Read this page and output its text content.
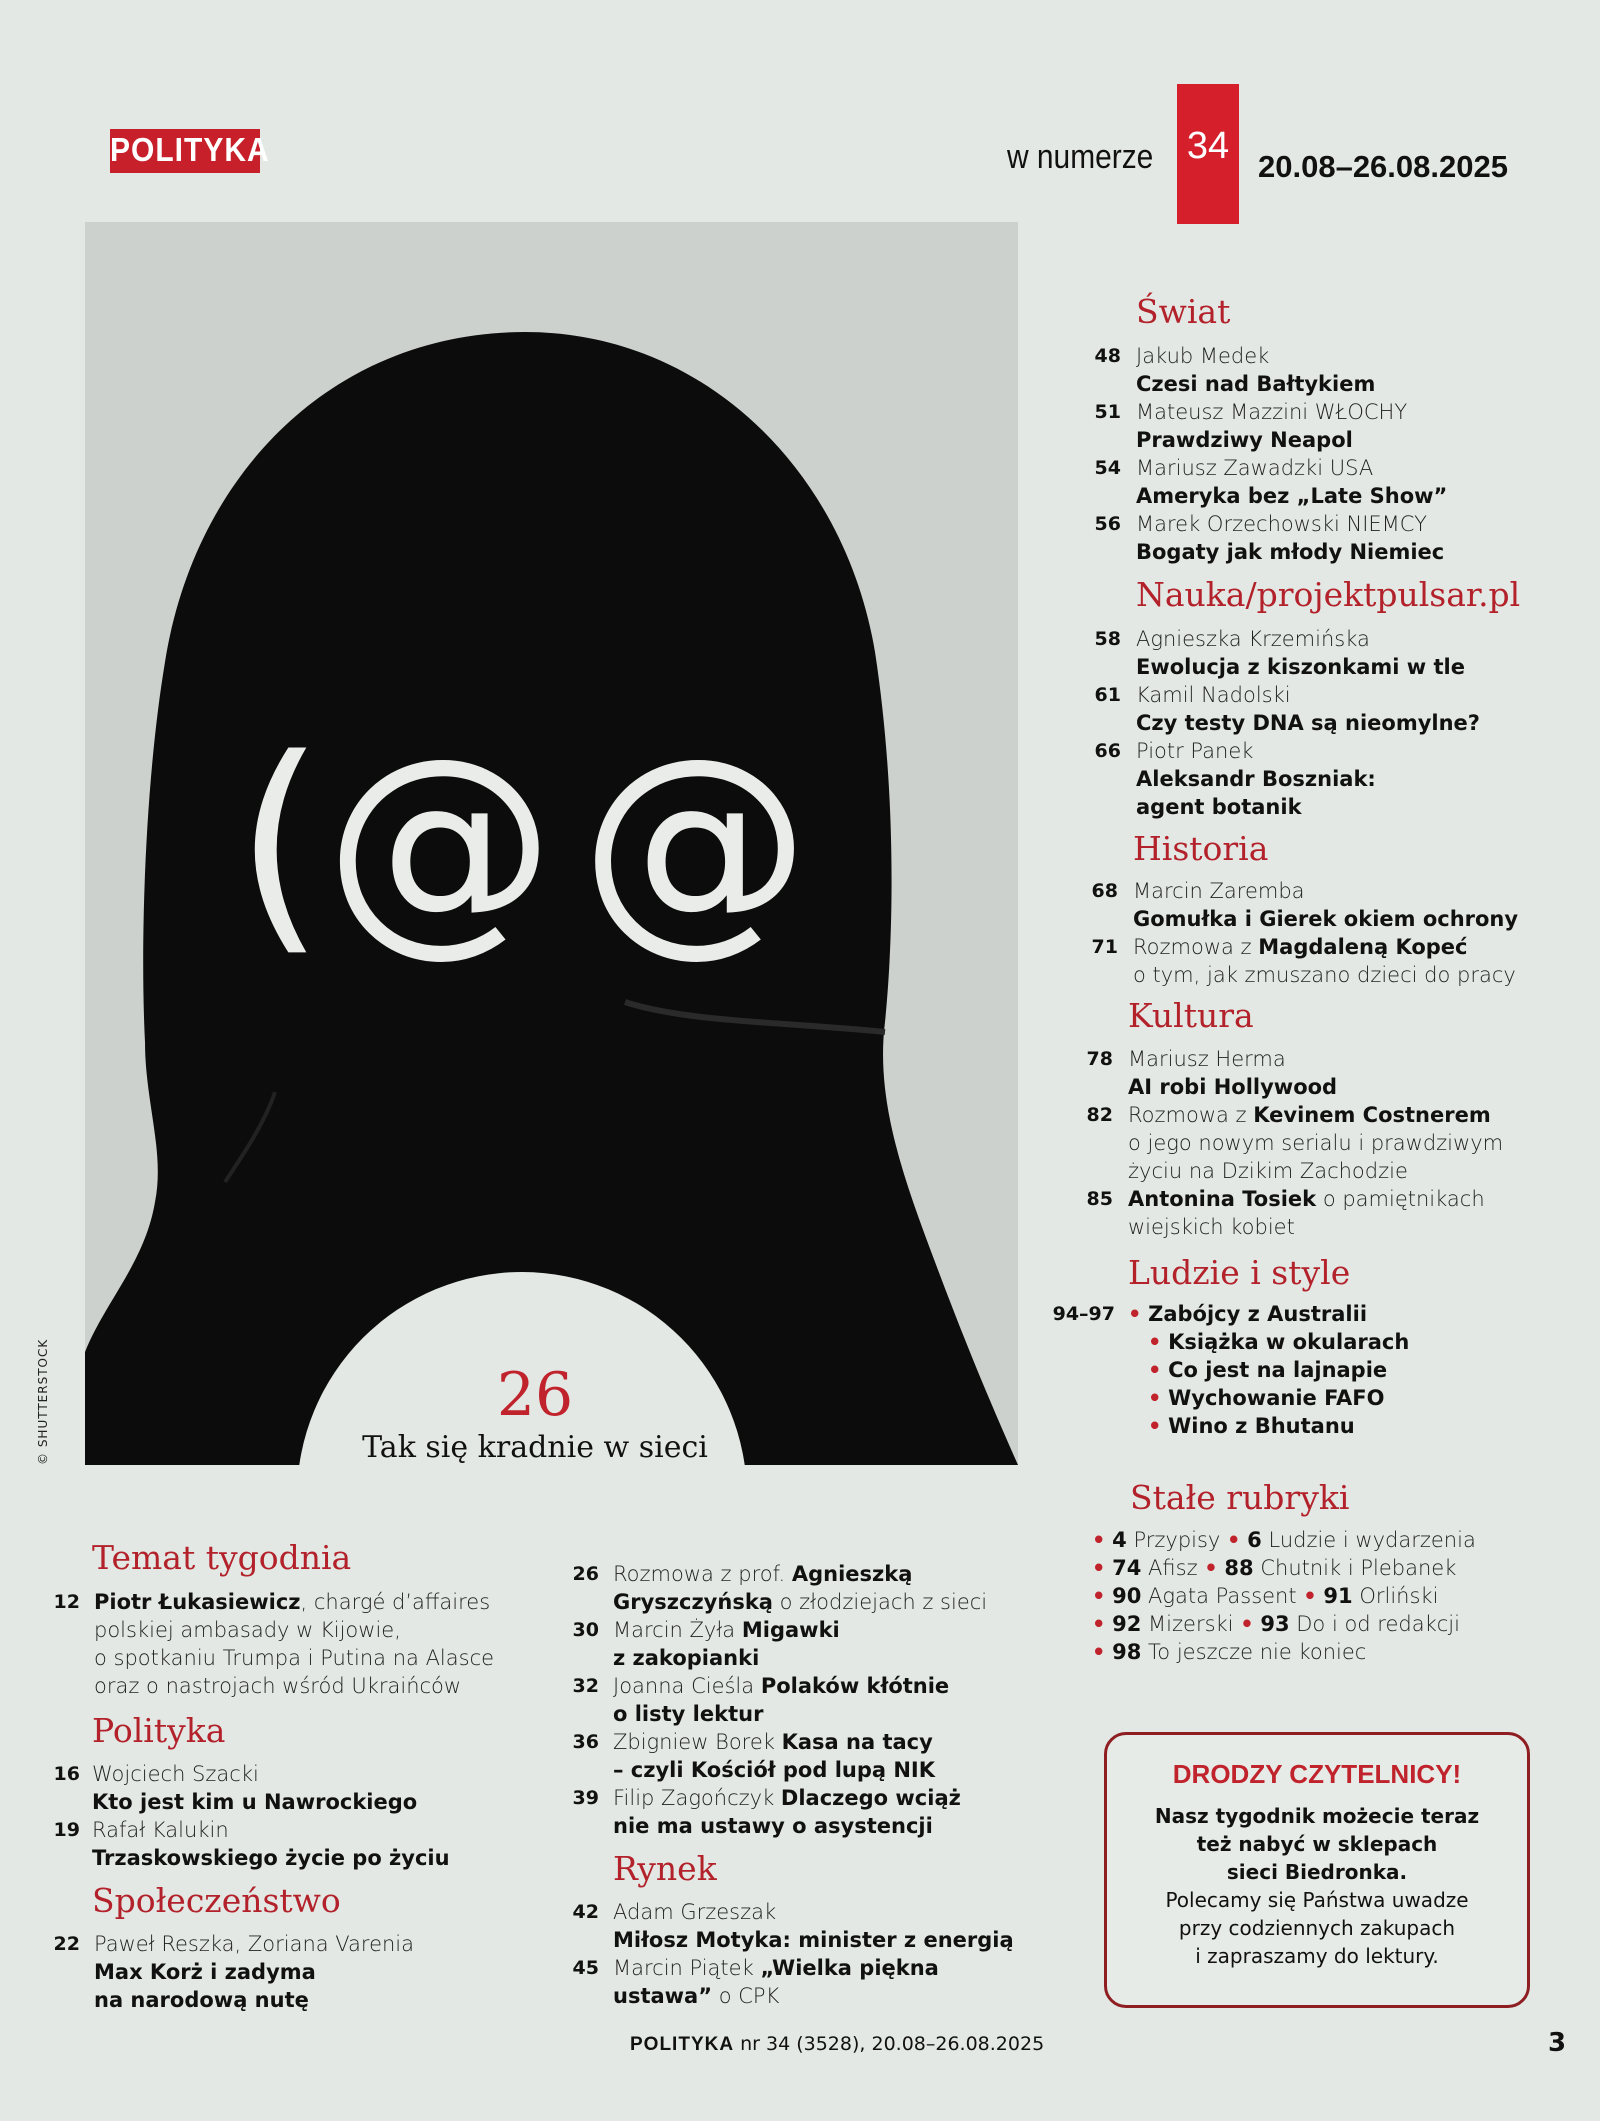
POLITYKA	w numerze 34 20.08–26.08.2025
(@ @
© SHUTTERSTOCK	26
Tak się kradnie w sieci
Świat
48 Jakub Medek
Czesi nad Bałtykiem
51 Mateusz Mazzini WŁOCHY
Prawdziwy Neapol
54 Mariusz Zawadzki USA
Ameryka bez „Late Show”
56 Marek Orzechowski NIEMCY
Bogaty jak młody Niemiec
Nauka/projektpulsar.pl
58 Agnieszka Krzemińska
Ewolucja z kiszonkami w tle
61 Kamil Nadolski
Czy testy DNA są nieomylne?
66 Piotr Panek
Aleksandr Boszniak:
agent botanik
Historia
68 Marcin Zaremba
Gomułka i Gierek okiem ochrony
71 Rozmowa z Magdaleną Kopeć
o tym, jak zmuszano dzieci do pracy
Kultura
78 Mariusz Herma
AI robi Hollywood
82 Rozmowa z Kevinem Costnerem
o jego nowym serialu i prawdziwym
życiu na Dzikim Zachodzie
85 Antonina Tosiek o pamiętnikach
wiejskich kobiet
Ludzie i style
94–97 • Zabójcy z Australii
• Książka w okularach
• Co jest na lajnapie
• Wychowanie FAFO
• Wino z Bhutanu
Stałe rubryki
• 4 Przypisy • 6 Ludzie i wydarzenia
• 74 Afisz • 88 Chutnik i Plebanek
• 90 Agata Passent • 91 Orliński
• 92 Mizerski • 93 Do i od redakcji
• 98 To jeszcze nie koniec
Temat tygodnia
12 Piotr Łukasiewicz, chargé d’affaires
polskiej ambasady w Kijowie,
o spotkaniu Trumpa i Putina na Alasce
oraz o nastrojach wśród Ukraińców
Polityka
16 Wojciech Szacki
Kto jest kim u Nawrockiego
19 Rafał Kalukin
Trzaskowskiego życie po życiu
Społeczeństwo
22 Paweł Reszka, Zoriana Varenia
Max Korż i zadyma
na narodową nutę
26 Rozmowa z prof. Agnieszką
Gryszczyńską o złodziejach z sieci
30 Marcin Żyła Migawki
z zakopianki
32 Joanna Cieśla Polaków kłótnie
o listy lektur
36 Zbigniew Borek Kasa na tacy
– czyli Kościół pod lupą NIK
39 Filip Zagończyk Dlaczego wciąż
nie ma ustawy o asystencji
Rynek
42 Adam Grzeszak
Miłosz Motyka: minister z energią
45 Marcin Piątek „Wielka piękna
ustawa” o CPK
DRODZY CZYTELNICY!
Nasz tygodnik możecie teraz
też nabyć w sklepach
sieci Biedronka.
Polecamy się Państwa uwadze
przy codziennych zakupach
i zapraszamy do lektury.
POLITYKA nr 34 (3528), 20.08–26.08.2025	3
